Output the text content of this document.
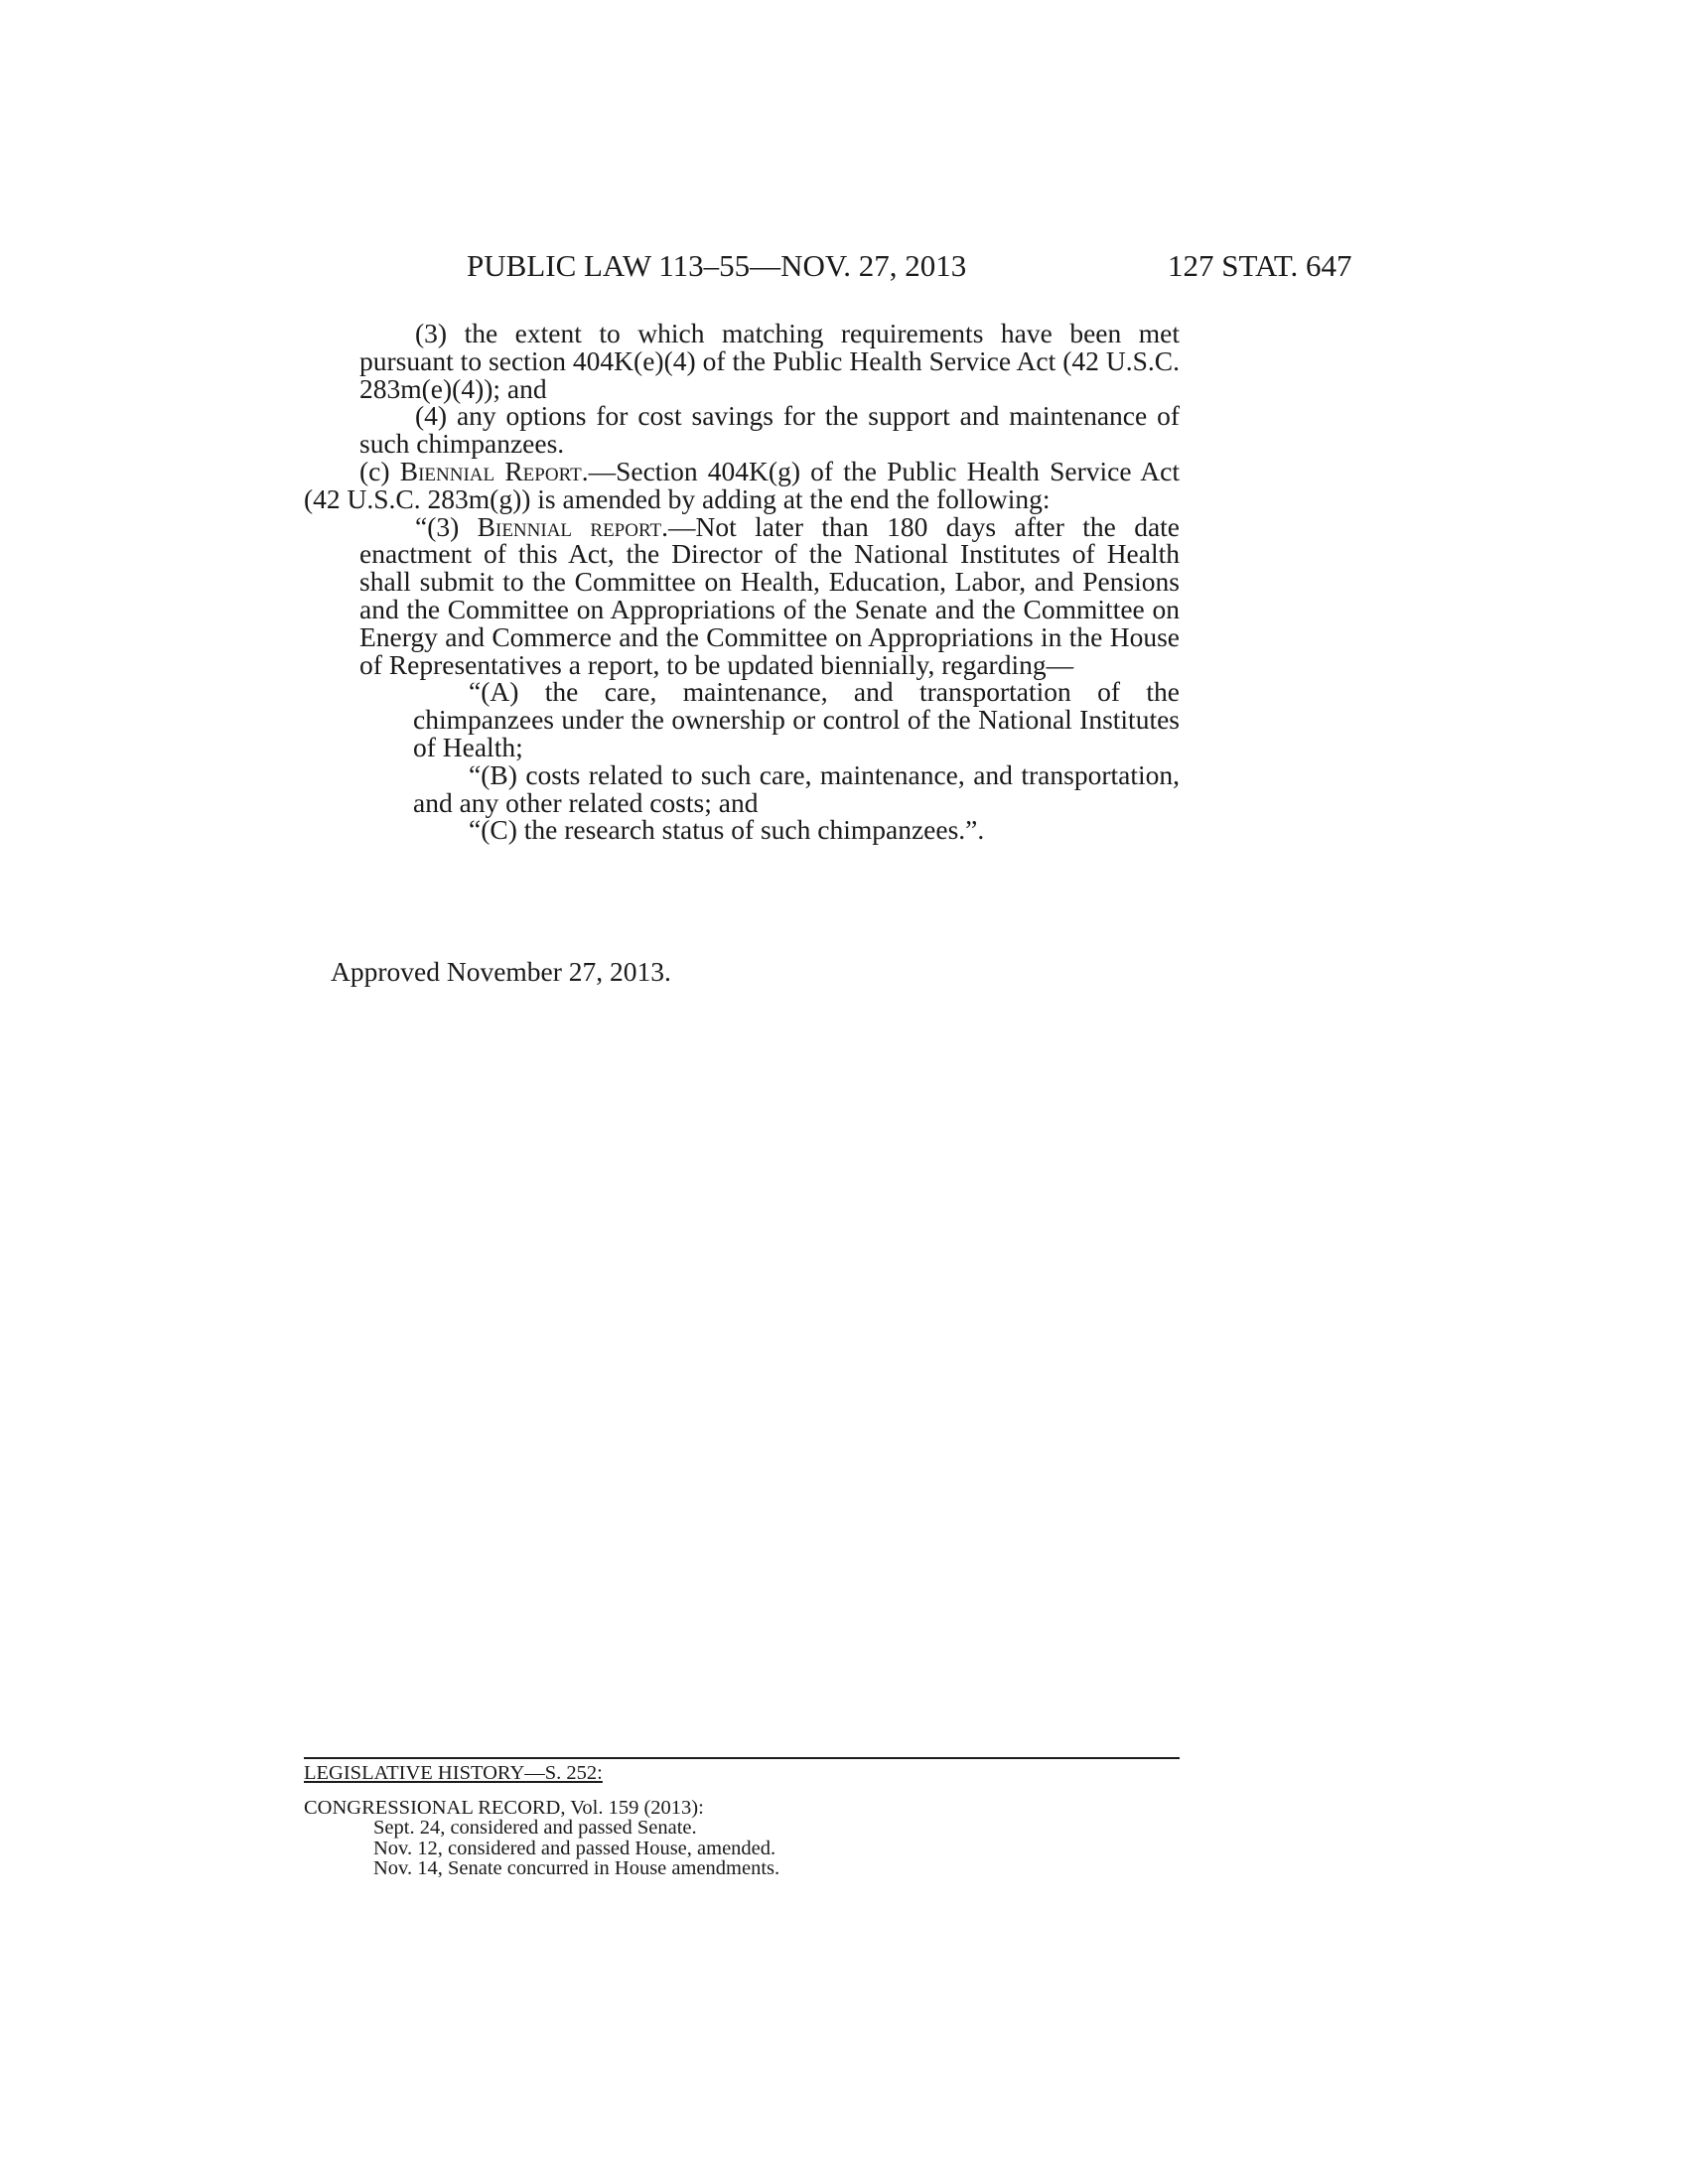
PUBLIC LAW 113–55—NOV. 27, 2013	127 STAT. 647
(3) the extent to which matching requirements have been met pursuant to section 404K(e)(4) of the Public Health Service Act (42 U.S.C. 283m(e)(4)); and
(4) any options for cost savings for the support and maintenance of such chimpanzees.
(c) Biennial Report.—Section 404K(g) of the Public Health Service Act (42 U.S.C. 283m(g)) is amended by adding at the end the following:
“(3) Biennial report.—Not later than 180 days after the date enactment of this Act, the Director of the National Institutes of Health shall submit to the Committee on Health, Education, Labor, and Pensions and the Committee on Appropriations of the Senate and the Committee on Energy and Commerce and the Committee on Appropriations in the House of Representatives a report, to be updated biennially, regarding—
“(A) the care, maintenance, and transportation of the chimpanzees under the ownership or control of the National Institutes of Health;
“(B) costs related to such care, maintenance, and transportation, and any other related costs; and
“(C) the research status of such chimpanzees.”.
Approved November 27, 2013.
LEGISLATIVE HISTORY—S. 252:
CONGRESSIONAL RECORD, Vol. 159 (2013):
Sept. 24, considered and passed Senate.
Nov. 12, considered and passed House, amended.
Nov. 14, Senate concurred in House amendments.
